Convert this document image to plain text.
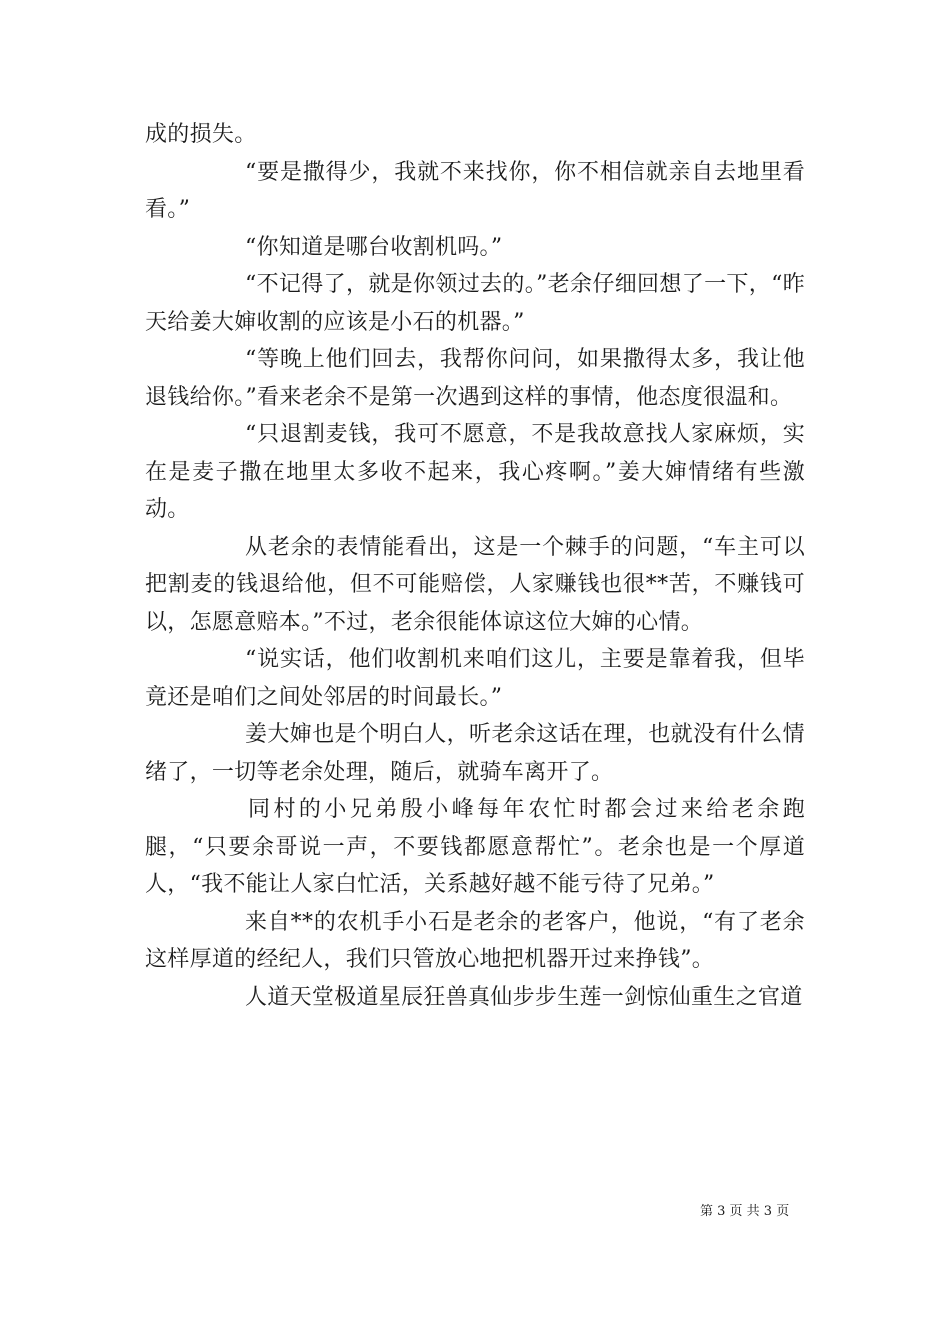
成的损失。

“要是撒得少，我就不来找你，你不相信就亲自去地里看看。”

“你知道是哪台收割机吗。”

“不记得了，就是你领过去的。”老余仔细回想了一下，“昨天给姜大婶收割的应该是小石的机器。”

“等晚上他们回去，我帮你问问，如果撒得太多，我让他退钱给你。”看来老余不是第一次遇到这样的事情，他态度很温和。

“只退割麦钱，我可不愿意，不是我故意找人家麻烦，实在是麦子撒在地里太多收不起来，我心疼啊。”姜大婶情绪有些激动。

从老余的表情能看出，这是一个棘手的问题，“车主可以把割麦的钱退给他，但不可能赔偿，人家赚钱也很**苦，不赚钱可以，怎愿意赔本。”不过，老余很能体谅这位大婶的心情。

“说实话，他们收割机来咱们这儿，主要是靠着我，但毕竟还是咱们之间处邻居的时间最长。”

姜大婶也是个明白人，听老余这话在理，也就没有什么情绪了，一切等老余处理，随后，就骑车离开了。

同村的小兄弟殷小峰每年农忙时都会过来给老余跑腿，“只要余哥说一声，不要钱都愿意帮忙”。老余也是一个厚道人，“我不能让人家白忙活，关系越好越不能亏待了兄弟。”

来自**的农机手小石是老余的老客户，他说，“有了老余这样厚道的经纪人，我们只管放心地把机器开过来挣钱”。

人道天堂极道星辰狂兽真仙步步生莲一剑惊仙重生之官道

第 3 页 共 3 页
